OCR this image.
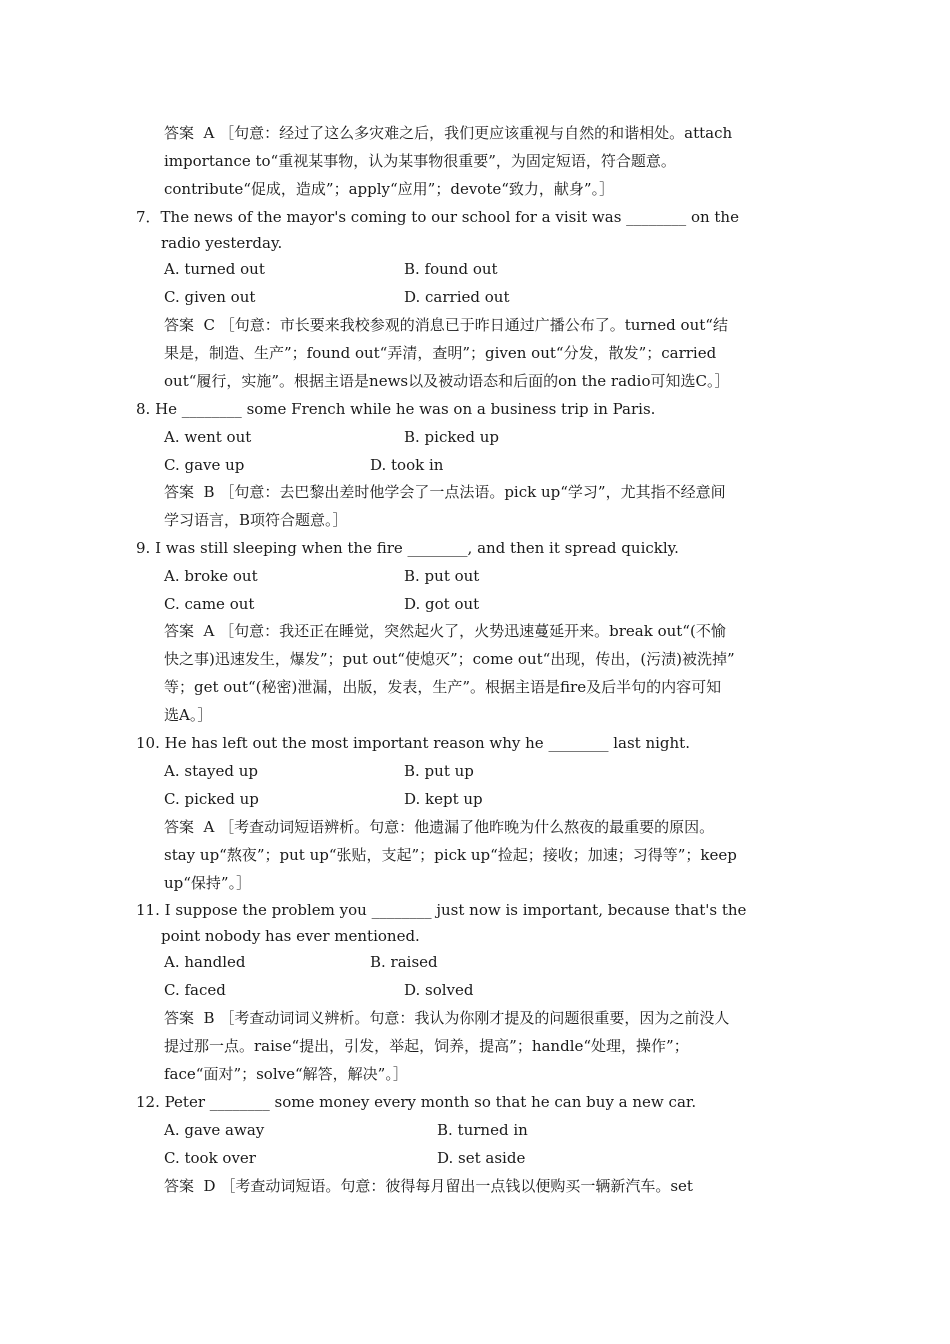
答案  A ［句意：经过了这么多灾难之后，我们更应该重视与自然的和谐相处。attach
importance to“重视某事物，认为某事物很重要”，为固定短语，符合题意。
contribute“促成，造成”；apply“应用”；devote“致力，献身”。］
7．The news of the mayor's coming to our school for a visit was ________ on the
radio yesterday.
A. turned out	B. found out
C. given out	D. carried out
答案  C ［句意：市长要来我校参观的消息已于昨日通过广播公布了。turned out“结
果是，制造、生产”；found out“弄清，查明”；given out“分发，散发”；carried
out“履行，实施”。根据主语是news以及被动语态和后面的on the radio可知选C。］
8. He ________ some French while he was on a business trip in Paris.
A. went out	B. picked up
C. gave up	D. took in
答案  B ［句意：去巴黎出差时他学会了一点法语。pick up“学习”，尤其指不经意间
学习语言，B项符合题意。］
9. I was still sleeping when the fire ________, and then it spread quickly.
A. broke out	B. put out
C. came out	D. got out
答案  A ［句意：我还正在睡觉，突然起火了，火势迅速蔓延开来。break out“(不愉
快之事)迅速发生，爆发”；put out“使熄灭”；come out“出现，传出，(污渍)被洗掉”
等；get out“(秘密)泄漏，出版，发表，生产”。根据主语是fire及后半句的内容可知
选A。］
10. He has left out the most important reason why he ________ last night.
A. stayed up	B. put up
C. picked up	D. kept up
答案  A ［考查动词短语辨析。句意：他遗漏了他昨晚为什么熬夜的最重要的原因。
stay up“熬夜”；put up“张贴，支起”；pick up“捡起；接收；加速；习得等”；keep
up“保持”。］
11. I suppose the problem you ________ just now is important, because that's the
point nobody has ever mentioned.
A. handled	B. raised
C. faced	D. solved
答案  B ［考查动词词义辨析。句意：我认为你刚才提及的问题很重要，因为之前没人
提过那一点。raise“提出，引发，举起，饲养，提高”；handle“处理，操作”；
face“面对”；solve“解答，解决”。］
12. Peter ________ some money every month so that he can buy a new car.
A. gave away	B. turned in
C. took over	D. set aside
答案  D ［考查动词短语。句意：彼得每月留出一点钱以便购买一辆新汽车。set
